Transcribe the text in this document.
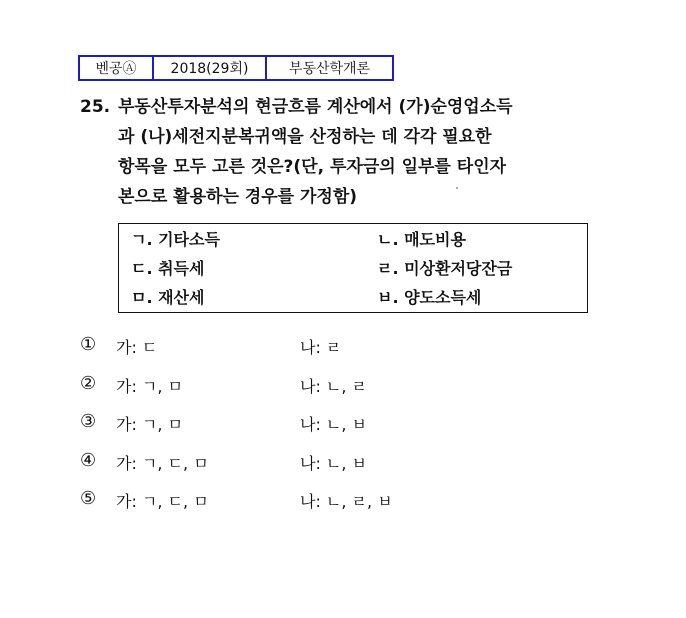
벤공Ⓐ	2018(29회)	부동산학개론
25. 부동산투자분석의 현금흐름 계산에서 (가)순영업소득
과 (나)세전지분복귀액을 산정하는 데 각각 필요한
항목을 모두 고른 것은?(단, 투자금의 일부를 타인자
본으로 활용하는 경우를 가정함)
ㄱ. 기타소득	ㄴ. 매도비용
ㄷ. 취득세	ㄹ. 미상환저당잔금
ㅁ. 재산세	ㅂ. 양도소득세
①	가: ㄷ	나: ㄹ
②	가: ㄱ, ㅁ	나: ㄴ, ㄹ
③	가: ㄱ, ㅁ	나: ㄴ, ㅂ
④	가: ㄱ, ㄷ, ㅁ	나: ㄴ, ㅂ
⑤	가: ㄱ, ㄷ, ㅁ	나: ㄴ, ㄹ, ㅂ
